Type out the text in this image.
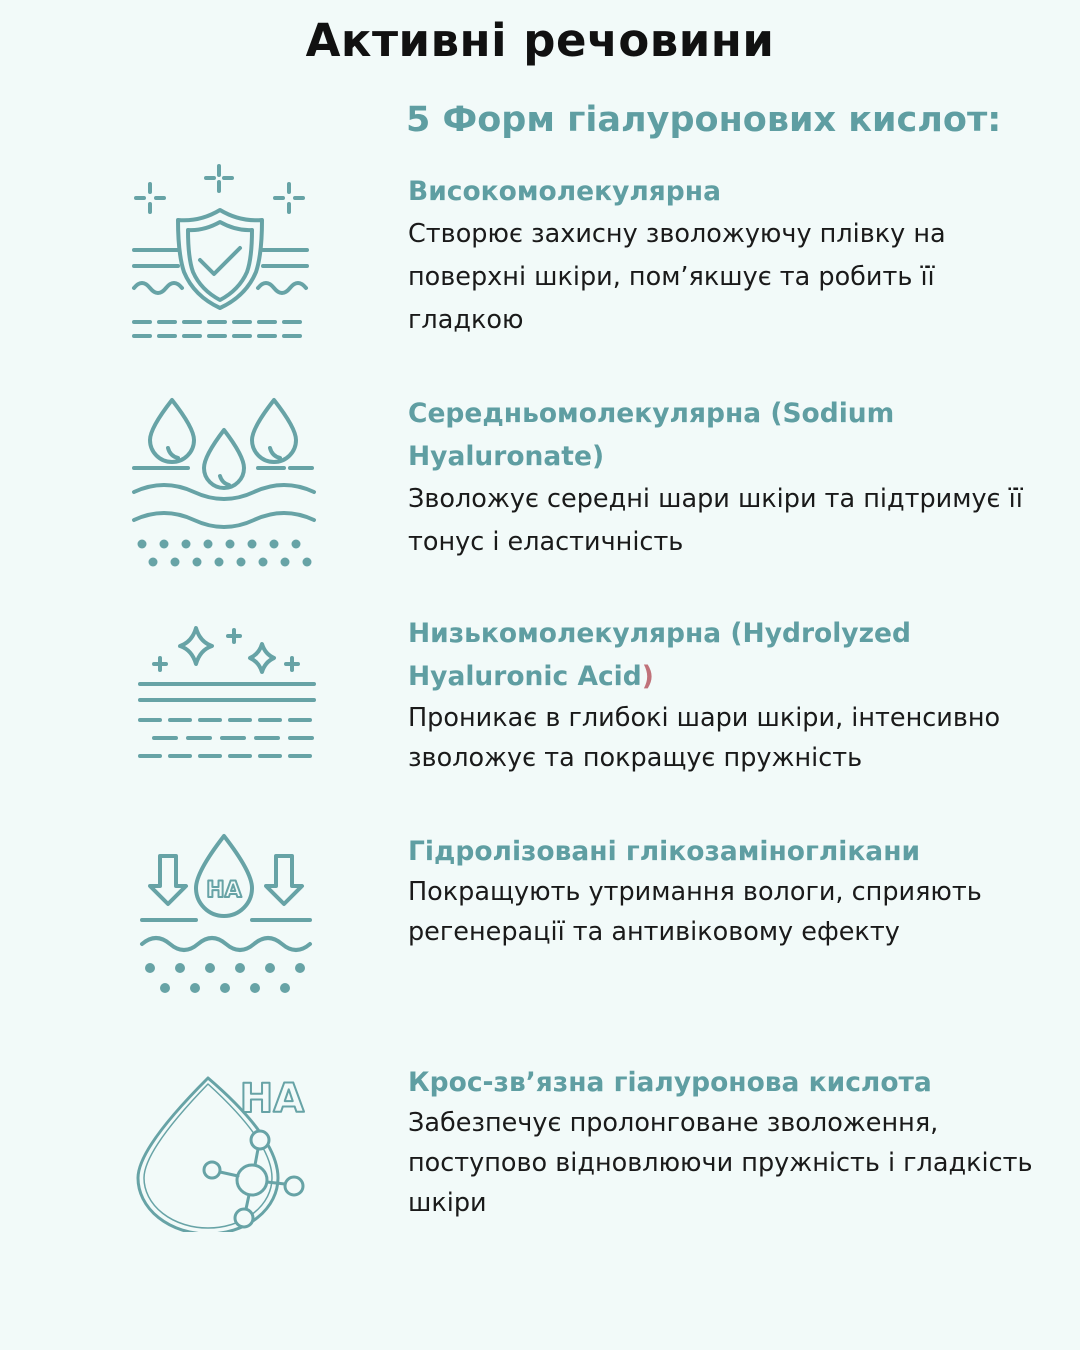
Активні речовини
5 Форм гіалуронових кислот:
Високомолекулярна
Створює захисну зволожуючу плівку на поверхні шкіри, пом’якшує та робить її гладкою
Середньомолекулярна (Sodium Hyaluronate)
Зволожує середні шари шкіри та підтримує її тонус і еластичність
Низькомолекулярна (Hydrolyzed Hyaluronic Acid)
Проникає в глибокі шари шкіри, інтенсивно зволожує та покращує пружність
HA
Гідролізовані глікозаміноглікани
Покращують утримання вологи, сприяють регенерації та антивіковому ефекту
HA	Крос-зв’язна гіалуронова кислота
Забезпечує пролонговане зволоження, поступово відновлюючи пружність і гладкість шкіри
